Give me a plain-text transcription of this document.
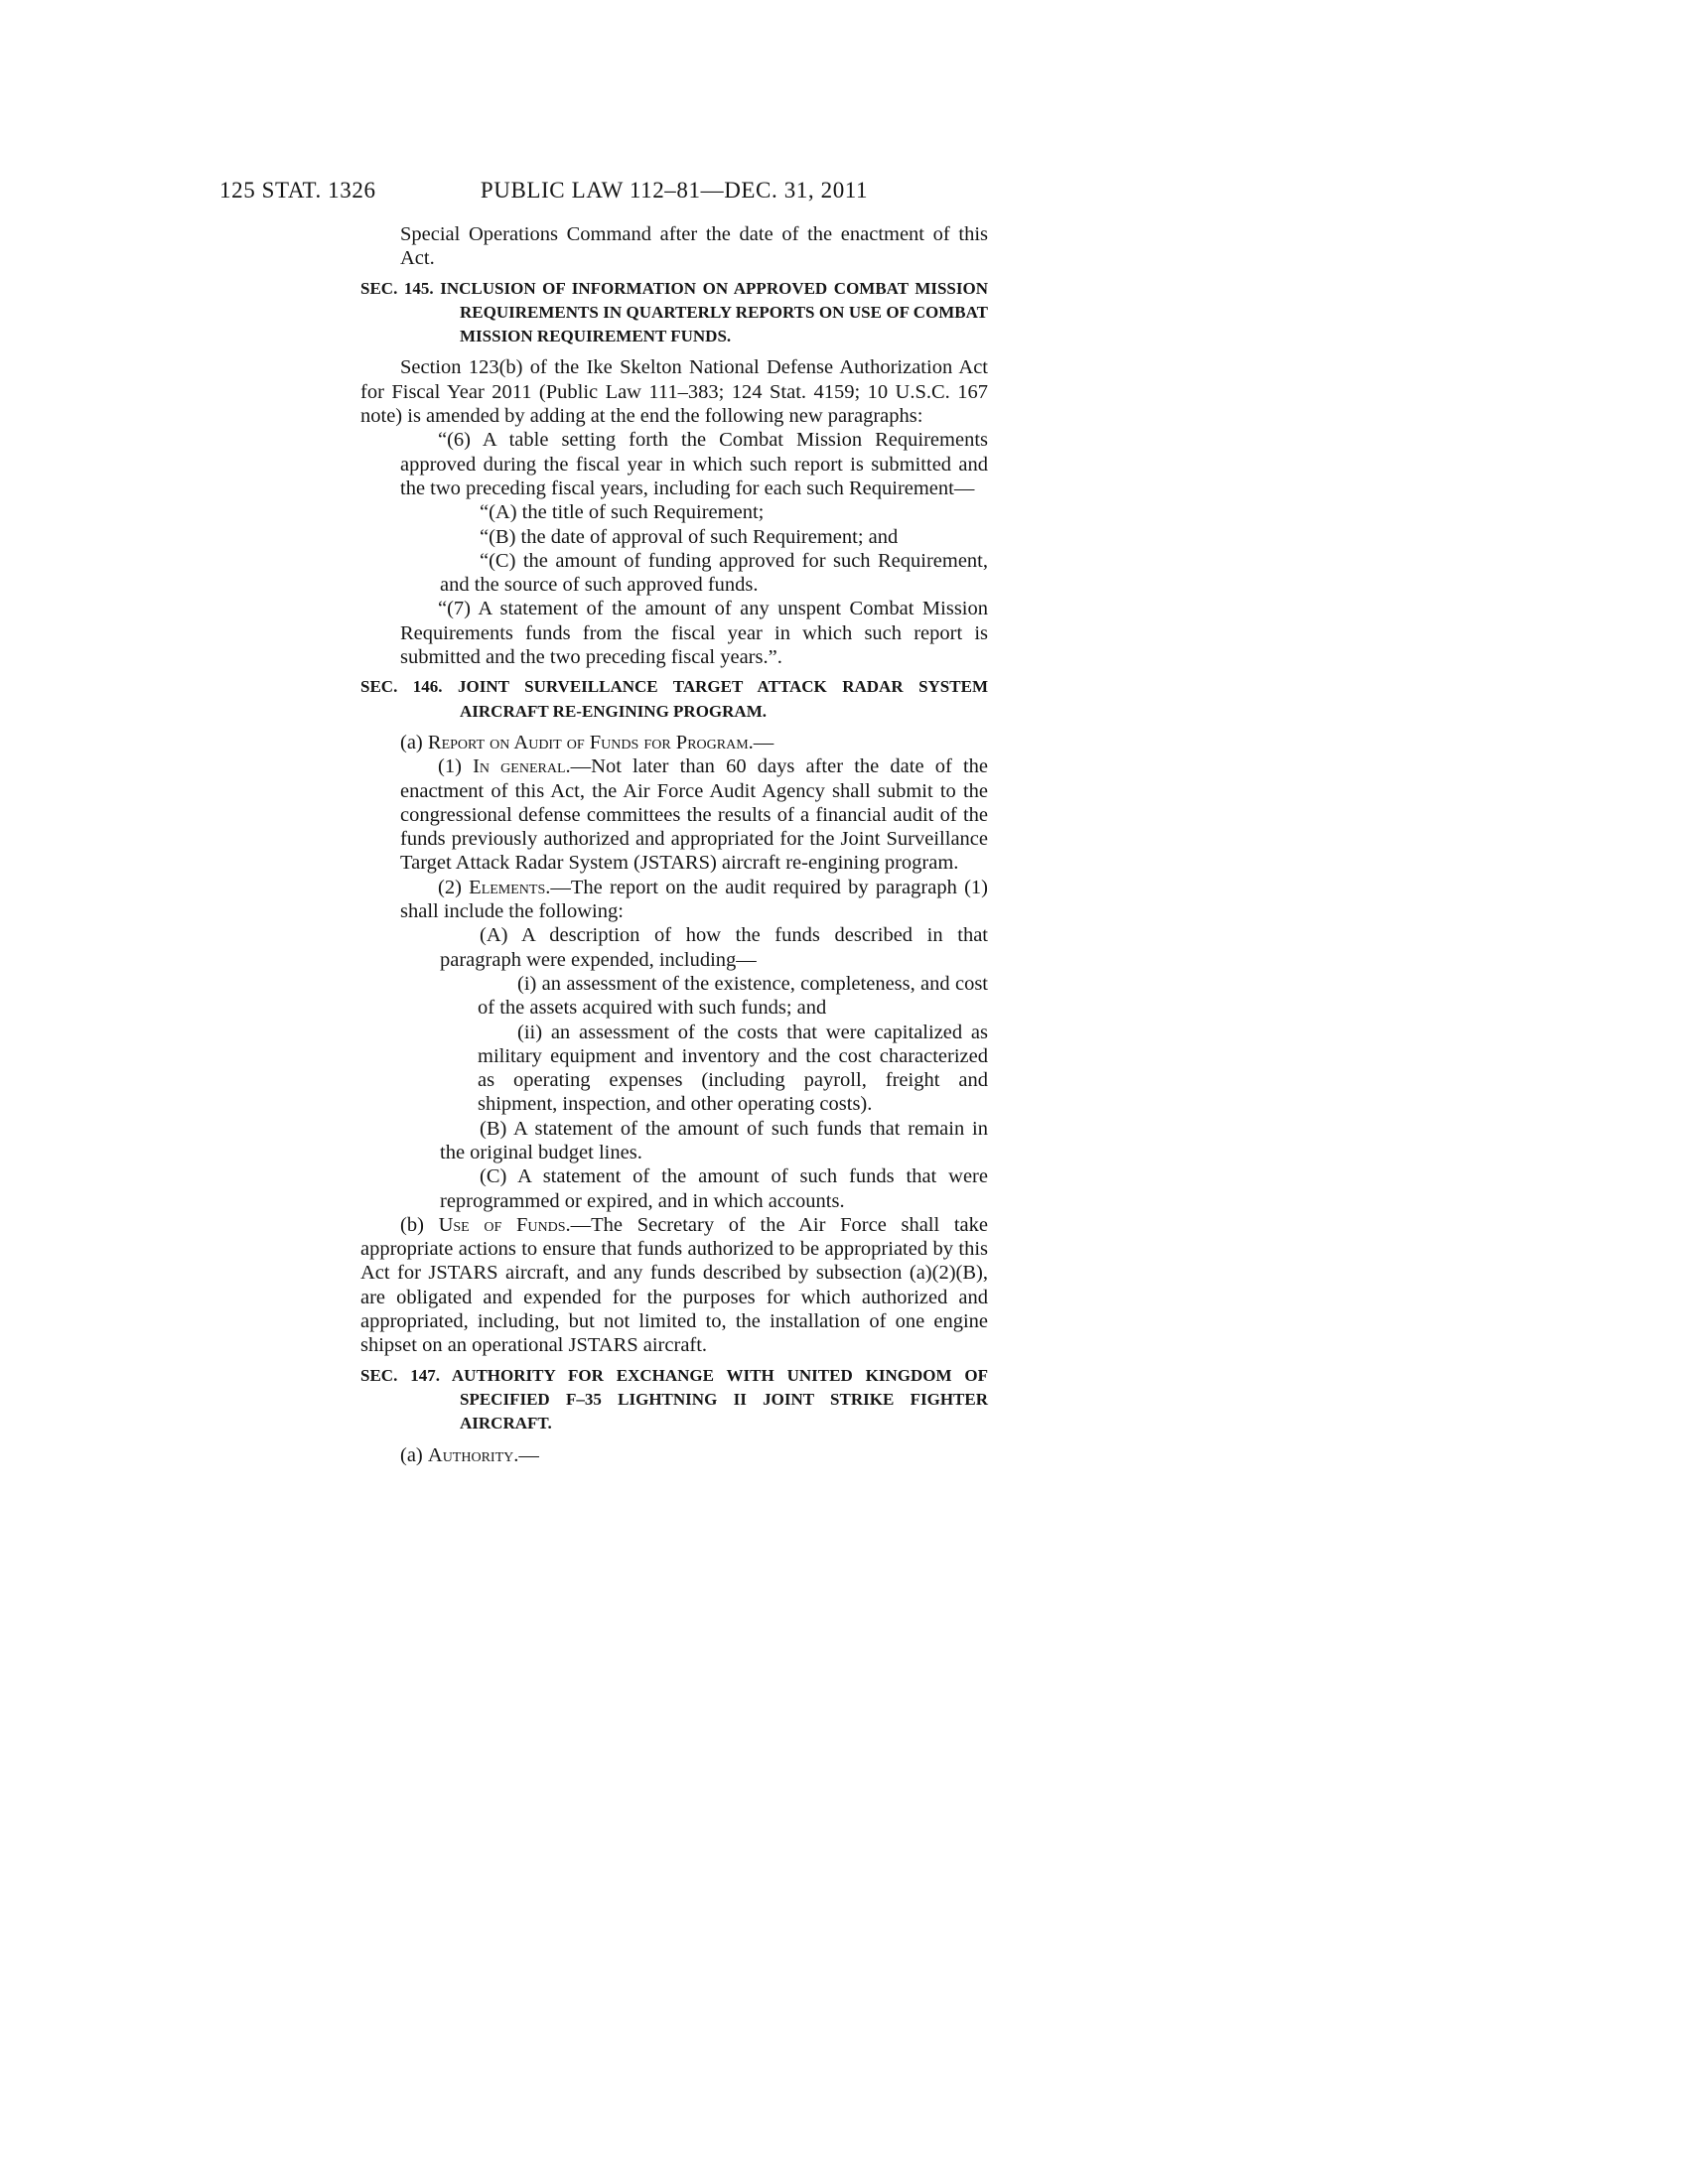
125 STAT. 1326	PUBLIC LAW 112–81—DEC. 31, 2011

Special Operations Command after the date of the enactment of this Act.

SEC. 145. INCLUSION OF INFORMATION ON APPROVED COMBAT MISSION REQUIREMENTS IN QUARTERLY REPORTS ON USE OF COMBAT MISSION REQUIREMENT FUNDS.

Section 123(b) of the Ike Skelton National Defense Authorization Act for Fiscal Year 2011 (Public Law 111–383; 124 Stat. 4159; 10 U.S.C. 167 note) is amended by adding at the end the following new paragraphs:

“(6) A table setting forth the Combat Mission Requirements approved during the fiscal year in which such report is submitted and the two preceding fiscal years, including for each such Requirement—

“(A) the title of such Requirement;

“(B) the date of approval of such Requirement; and

“(C) the amount of funding approved for such Requirement, and the source of such approved funds.

“(7) A statement of the amount of any unspent Combat Mission Requirements funds from the fiscal year in which such report is submitted and the two preceding fiscal years.”.

SEC. 146. JOINT SURVEILLANCE TARGET ATTACK RADAR SYSTEM AIRCRAFT RE-ENGINING PROGRAM.

(a) Report on Audit of Funds for Program.—

(1) In general.—Not later than 60 days after the date of the enactment of this Act, the Air Force Audit Agency shall submit to the congressional defense committees the results of a financial audit of the funds previously authorized and appropriated for the Joint Surveillance Target Attack Radar System (JSTARS) aircraft re-engining program.

(2) Elements.—The report on the audit required by paragraph (1) shall include the following:

(A) A description of how the funds described in that paragraph were expended, including—

(i) an assessment of the existence, completeness, and cost of the assets acquired with such funds; and

(ii) an assessment of the costs that were capitalized as military equipment and inventory and the cost characterized as operating expenses (including payroll, freight and shipment, inspection, and other operating costs).

(B) A statement of the amount of such funds that remain in the original budget lines.

(C) A statement of the amount of such funds that were reprogrammed or expired, and in which accounts.

(b) Use of Funds.—The Secretary of the Air Force shall take appropriate actions to ensure that funds authorized to be appropriated by this Act for JSTARS aircraft, and any funds described by subsection (a)(2)(B), are obligated and expended for the purposes for which authorized and appropriated, including, but not limited to, the installation of one engine shipset on an operational JSTARS aircraft.

SEC. 147. AUTHORITY FOR EXCHANGE WITH UNITED KINGDOM OF SPECIFIED F–35 LIGHTNING II JOINT STRIKE FIGHTER AIRCRAFT.

(a) Authority.—
